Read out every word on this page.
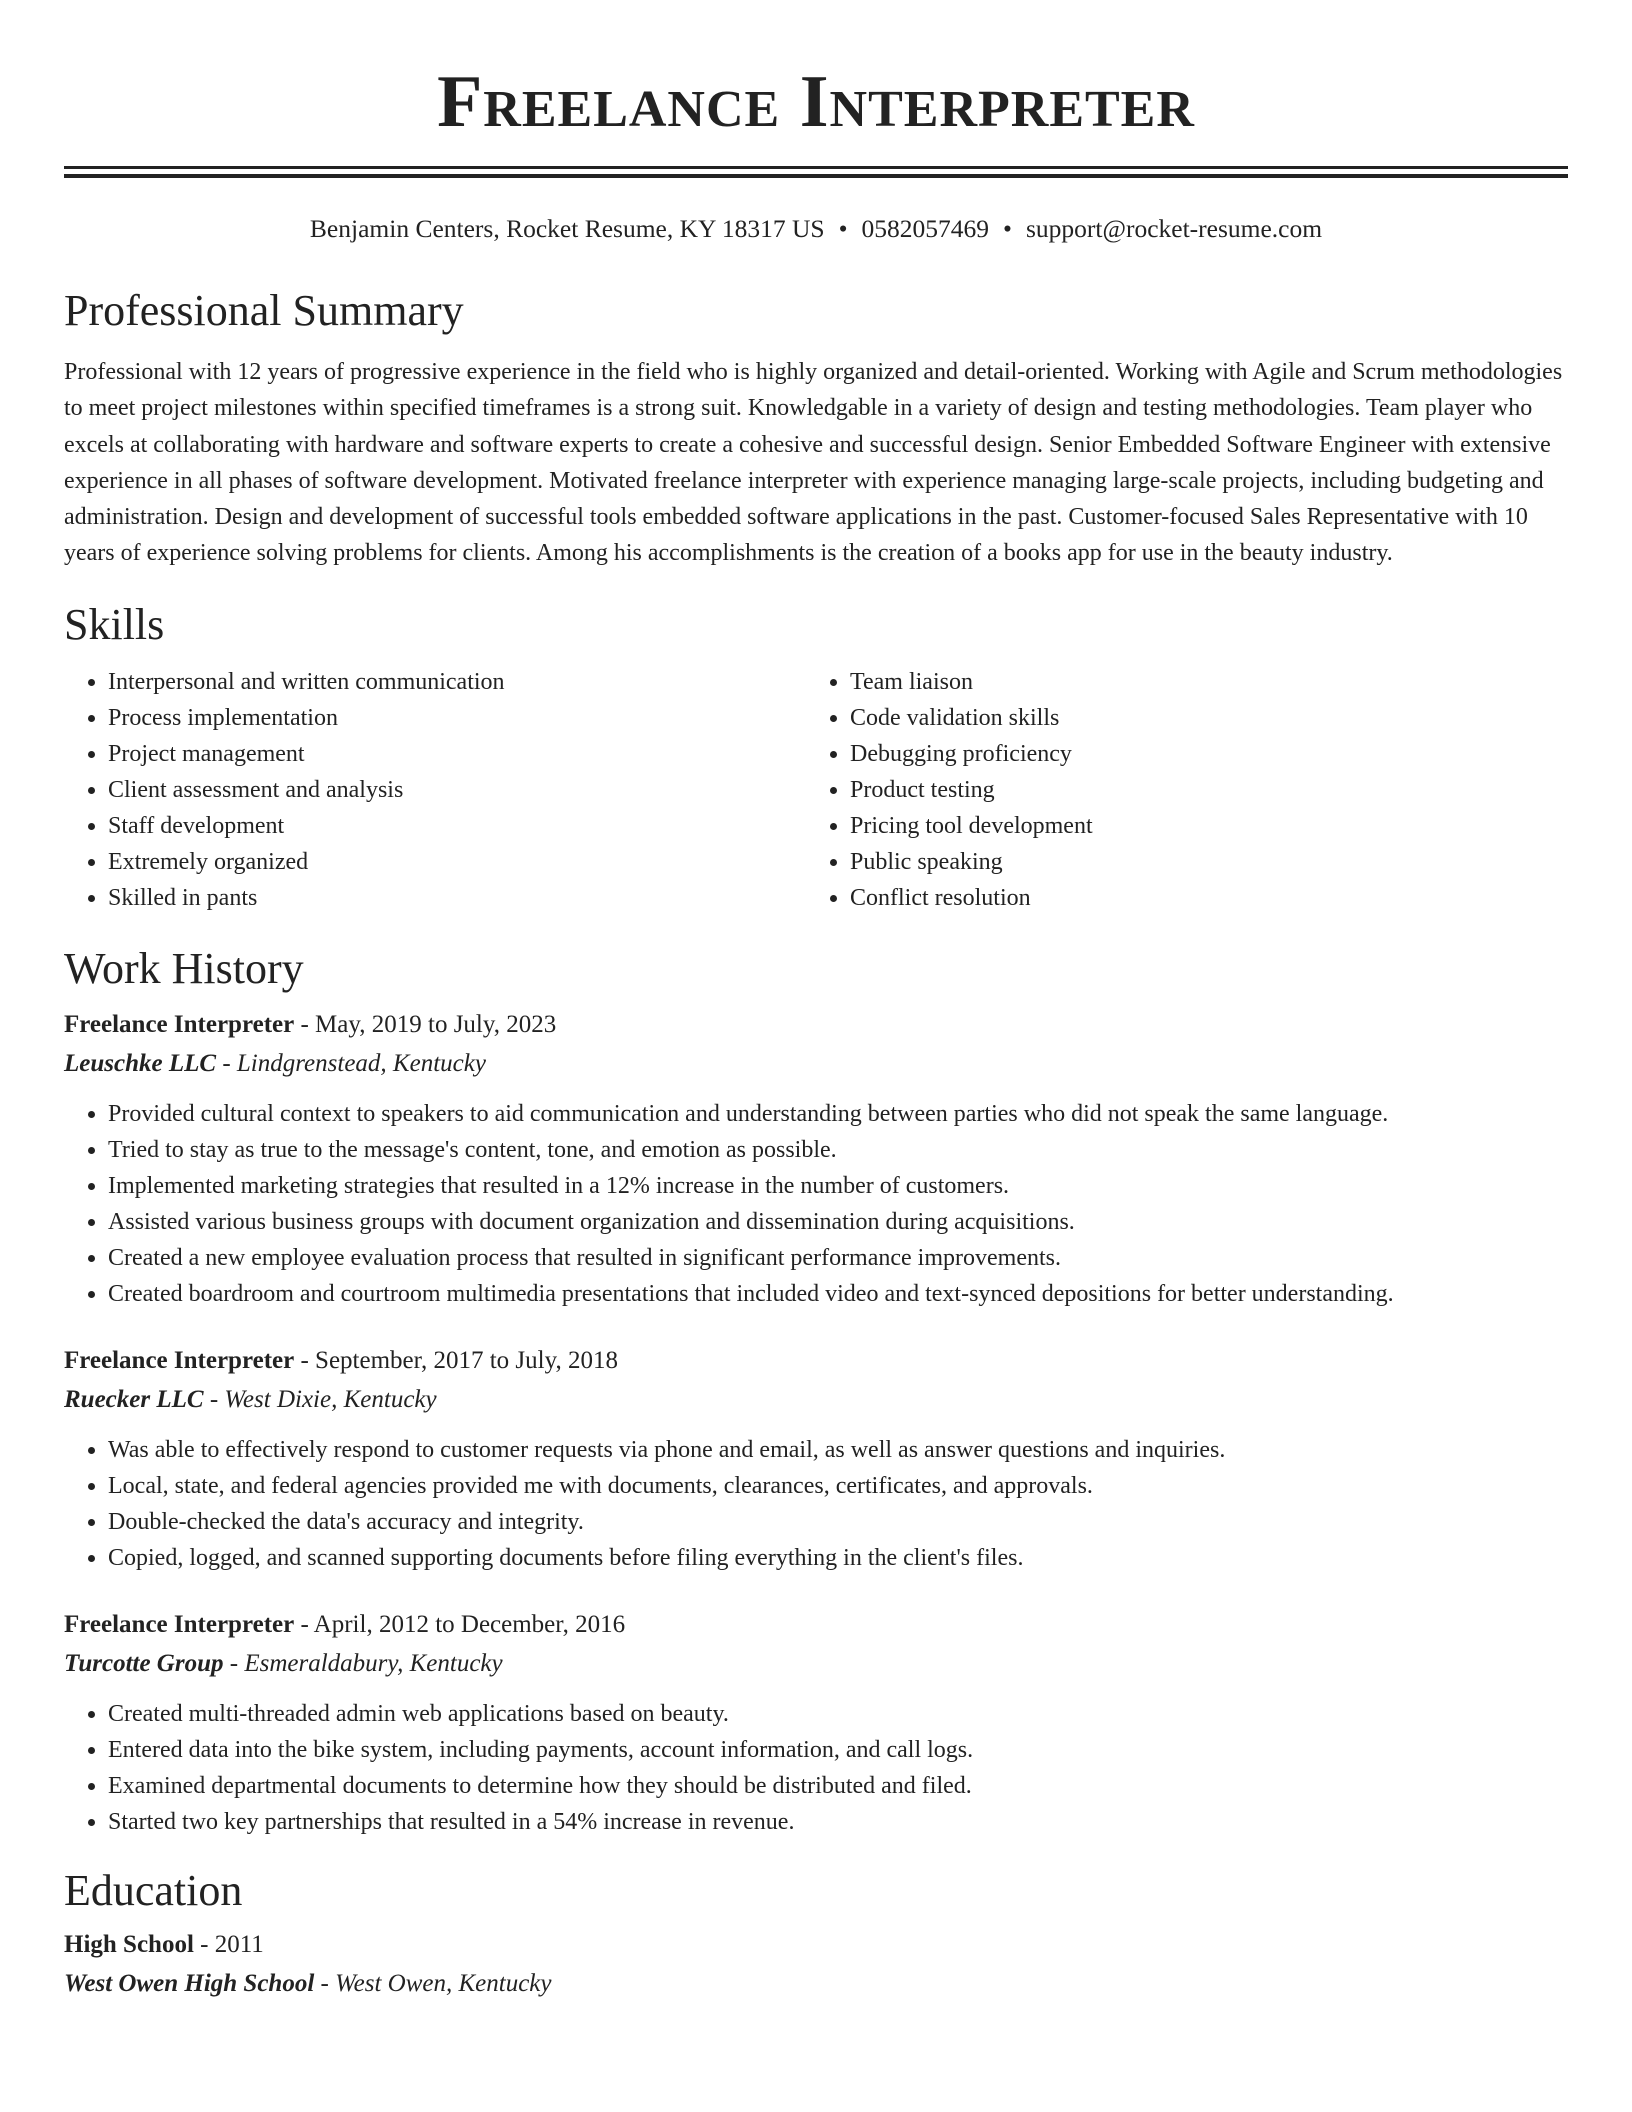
Freelance Interpreter
Benjamin Centers, Rocket Resume, KY 18317 US • 0582057469 • support@rocket-resume.com
Professional Summary

Professional with 12 years of progressive experience in the field who is highly organized and detail-oriented. Working with Agile and Scrum methodologies to meet project milestones within specified timeframes is a strong suit. Knowledgable in a variety of design and testing methodologies. Team player who excels at collaborating with hardware and software experts to create a cohesive and successful design. Senior Embedded Software Engineer with extensive experience in all phases of software development. Motivated freelance interpreter with experience managing large-scale projects, including budgeting and administration. Design and development of successful tools embedded software applications in the past. Customer-focused Sales Representative with 10 years of experience solving problems for clients. Among his accomplishments is the creation of a books app for use in the beauty industry.

Skills
• Interpersonal and written communication
• Process implementation
• Project management
• Client assessment and analysis
• Staff development
• Extremely organized
• Skilled in pants
• Team liaison
• Code validation skills
• Debugging proficiency
• Product testing
• Pricing tool development
• Public speaking
• Conflict resolution
Work History
Freelance Interpreter - May, 2019 to July, 2023
Leuschke LLC - Lindgrenstead, Kentucky
• Provided cultural context to speakers to aid communication and understanding between parties who did not speak the same language.
• Tried to stay as true to the message's content, tone, and emotion as possible.
• Implemented marketing strategies that resulted in a 12% increase in the number of customers.
• Assisted various business groups with document organization and dissemination during acquisitions.
• Created a new employee evaluation process that resulted in significant performance improvements.
• Created boardroom and courtroom multimedia presentations that included video and text-synced depositions for better understanding.
Freelance Interpreter - September, 2017 to July, 2018
Ruecker LLC - West Dixie, Kentucky
• Was able to effectively respond to customer requests via phone and email, as well as answer questions and inquiries.
• Local, state, and federal agencies provided me with documents, clearances, certificates, and approvals.
• Double-checked the data's accuracy and integrity.
• Copied, logged, and scanned supporting documents before filing everything in the client's files.
Freelance Interpreter - April, 2012 to December, 2016
Turcotte Group - Esmeraldabury, Kentucky
• Created multi-threaded admin web applications based on beauty.
• Entered data into the bike system, including payments, account information, and call logs.
• Examined departmental documents to determine how they should be distributed and filed.
• Started two key partnerships that resulted in a 54% increase in revenue.
Education
High School - 2011
West Owen High School - West Owen, Kentucky
